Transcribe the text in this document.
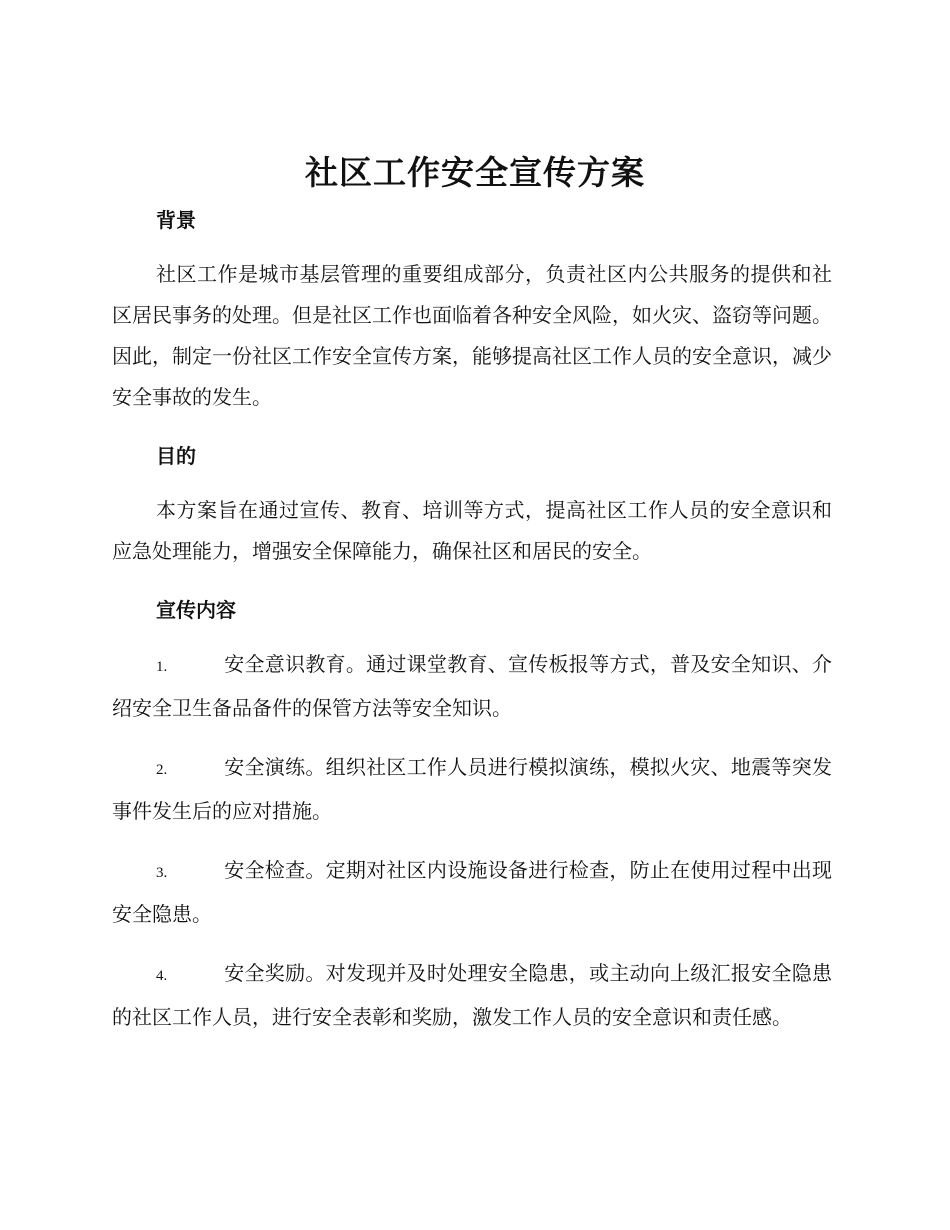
社区工作安全宣传方案
背景

社区工作是城市基层管理的重要组成部分，负责社区内公共服务的提供和社区居民事务的处理。但是社区工作也面临着各种安全风险，如火灾、盗窃等问题。因此，制定一份社区工作安全宣传方案，能够提高社区工作人员的安全意识，减少安全事故的发生。

目的

本方案旨在通过宣传、教育、培训等方式，提高社区工作人员的安全意识和应急处理能力，增强安全保障能力，确保社区和居民的安全。

宣传内容

1.	安全意识教育。通过课堂教育、宣传板报等方式，普及安全知识、介绍安全卫生备品备件的保管方法等安全知识。

2.	安全演练。组织社区工作人员进行模拟演练，模拟火灾、地震等突发事件发生后的应对措施。

3.	安全检查。定期对社区内设施设备进行检查，防止在使用过程中出现安全隐患。

4.	安全奖励。对发现并及时处理安全隐患，或主动向上级汇报安全隐患的社区工作人员，进行安全表彰和奖励，激发工作人员的安全意识和责任感。
